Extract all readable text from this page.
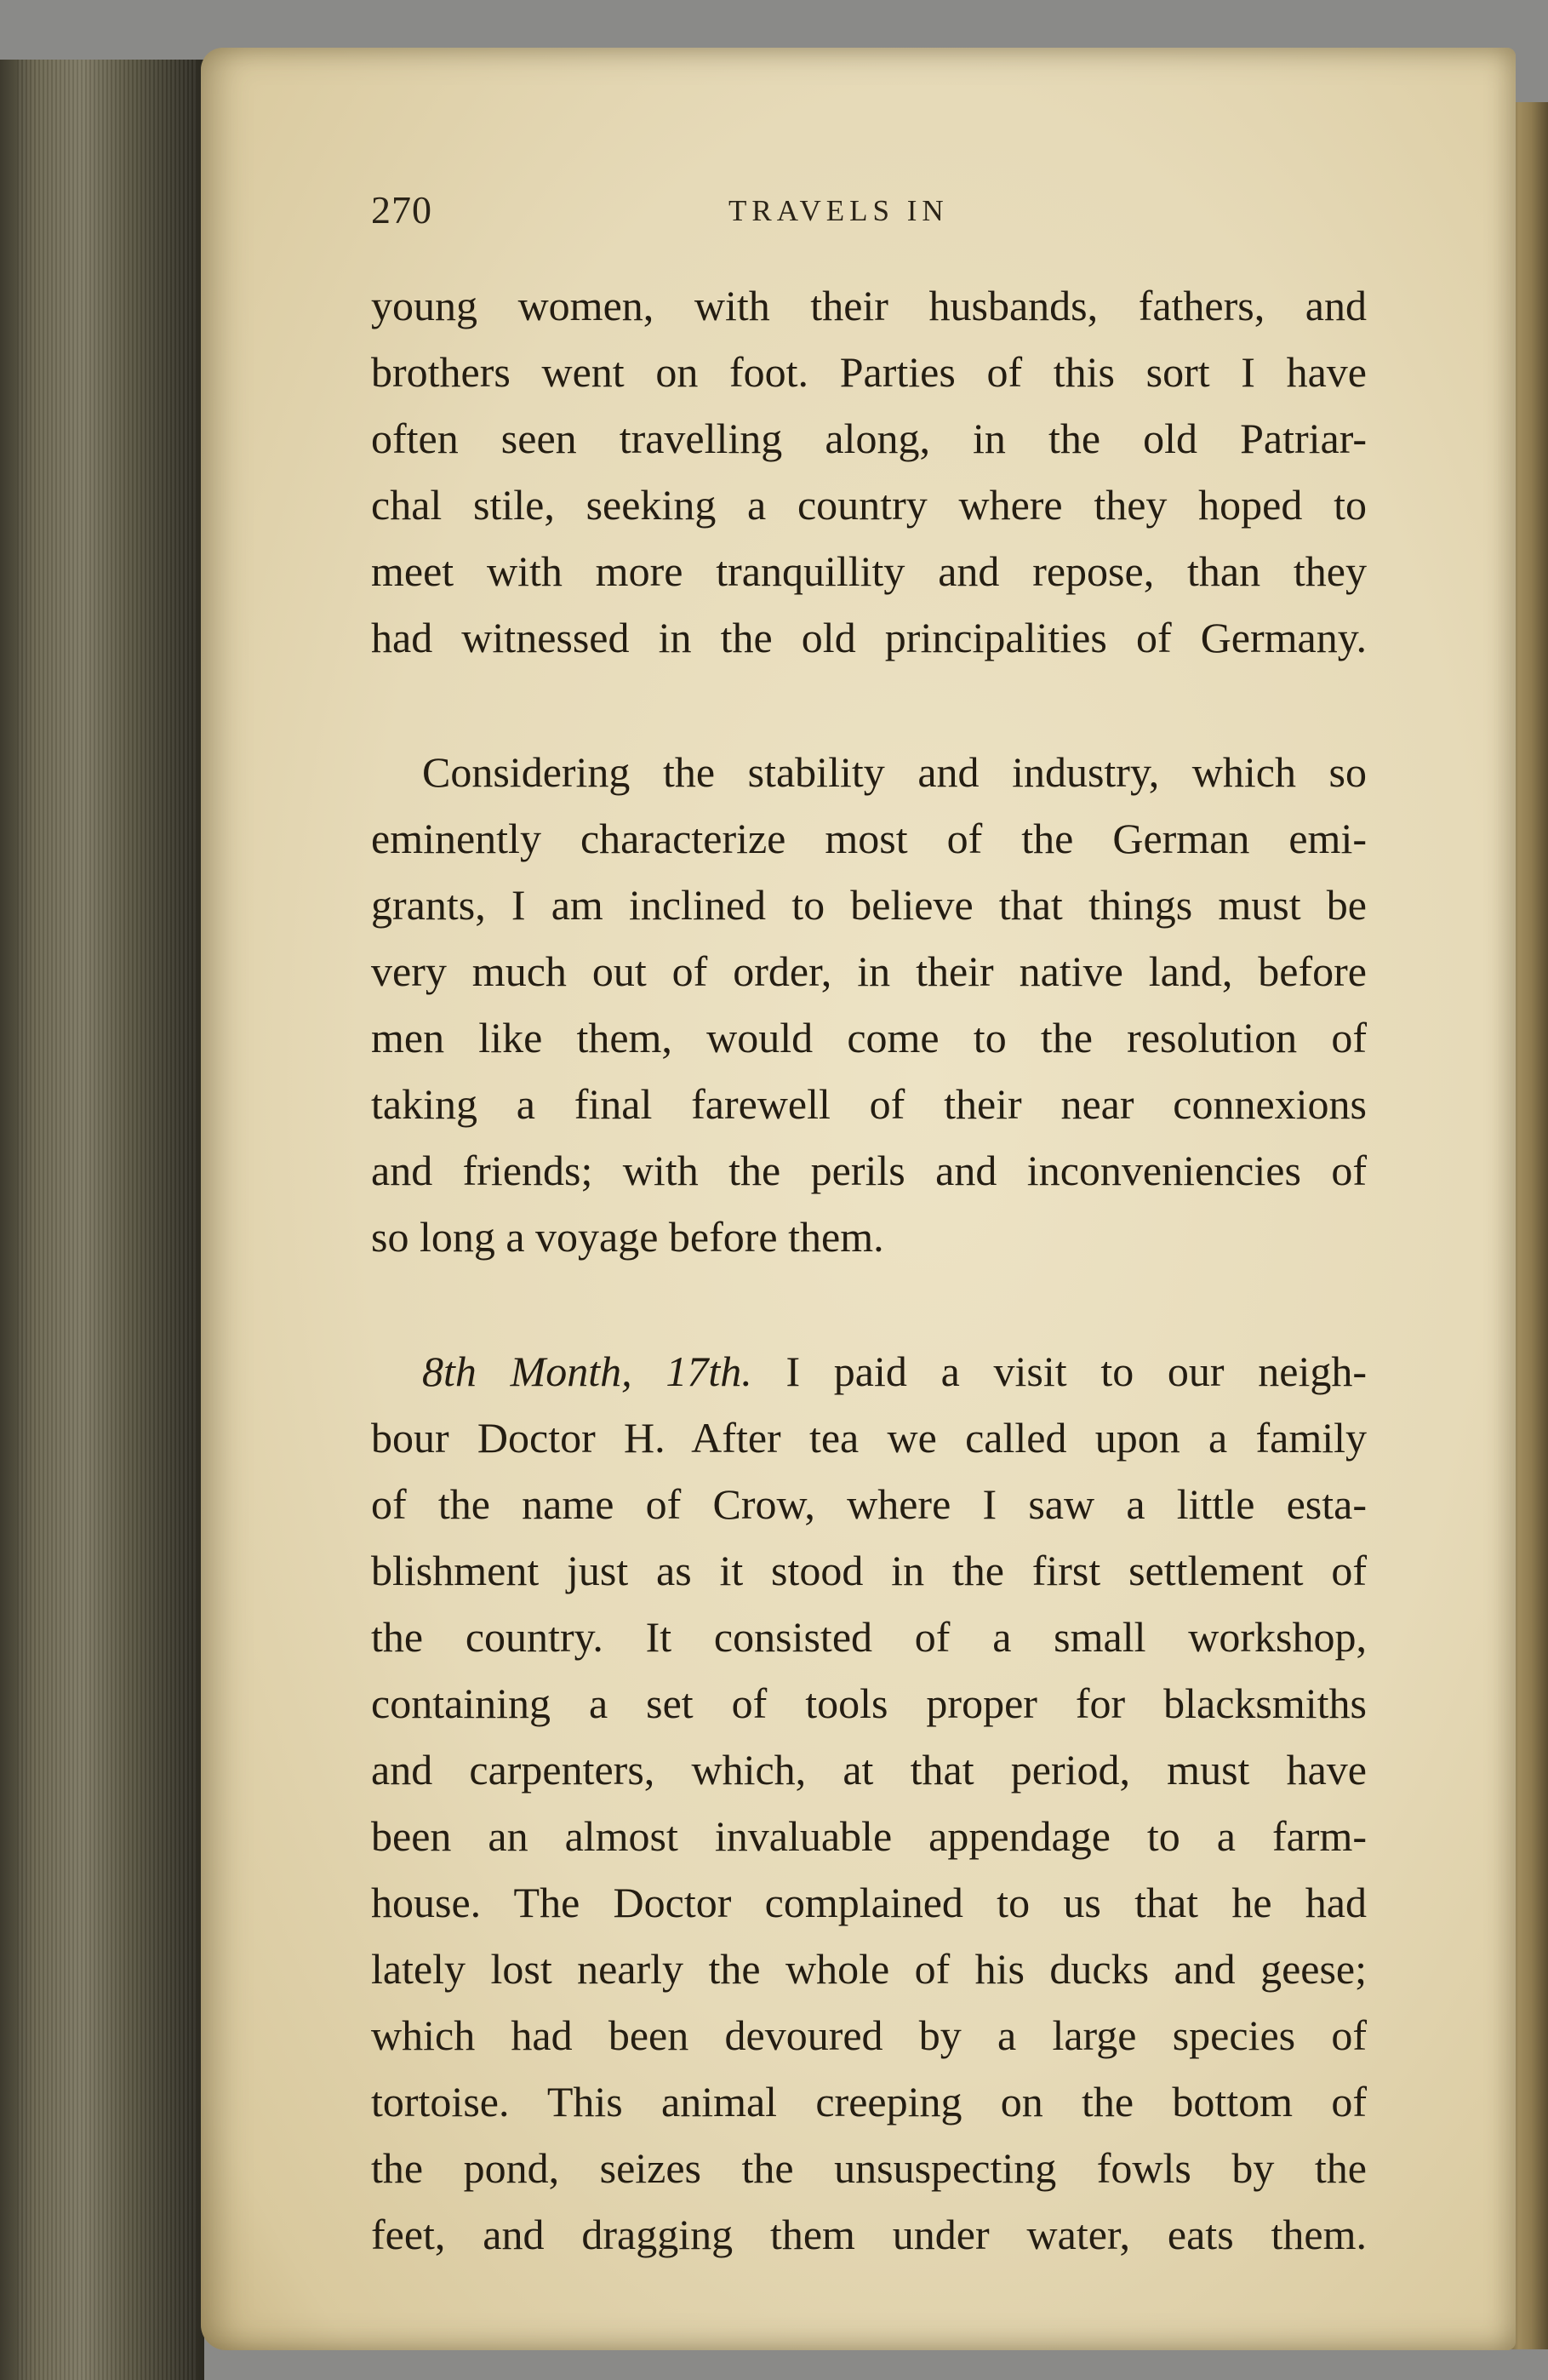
270	TRAVELS IN
young women, with their husbands, fathers, and
brothers went on foot. Parties of this sort I have
often seen travelling along, in the old Patriar-
chal stile, seeking a country where they hoped to
meet with more tranquillity and repose, than they
had witnessed in the old principalities of Germany.
Considering the stability and industry, which so
eminently characterize most of the German emi-
grants, I am inclined to believe that things must be
very much out of order, in their native land, before
men like them, would come to the resolution of
taking a final farewell of their near connexions
and friends; with the perils and inconveniencies of
so long a voyage before them.
8th Month, 17th. I paid a visit to our neigh-
bour Doctor H. After tea we called upon a family
of the name of Crow, where I saw a little esta-
blishment just as it stood in the first settlement of
the country. It consisted of a small workshop,
containing a set of tools proper for blacksmiths
and carpenters, which, at that period, must have
been an almost invaluable appendage to a farm-
house. The Doctor complained to us that he had
lately lost nearly the whole of his ducks and geese;
which had been devoured by a large species of
tortoise. This animal creeping on the bottom of
the pond, seizes the unsuspecting fowls by the
feet, and dragging them under water, eats them.
